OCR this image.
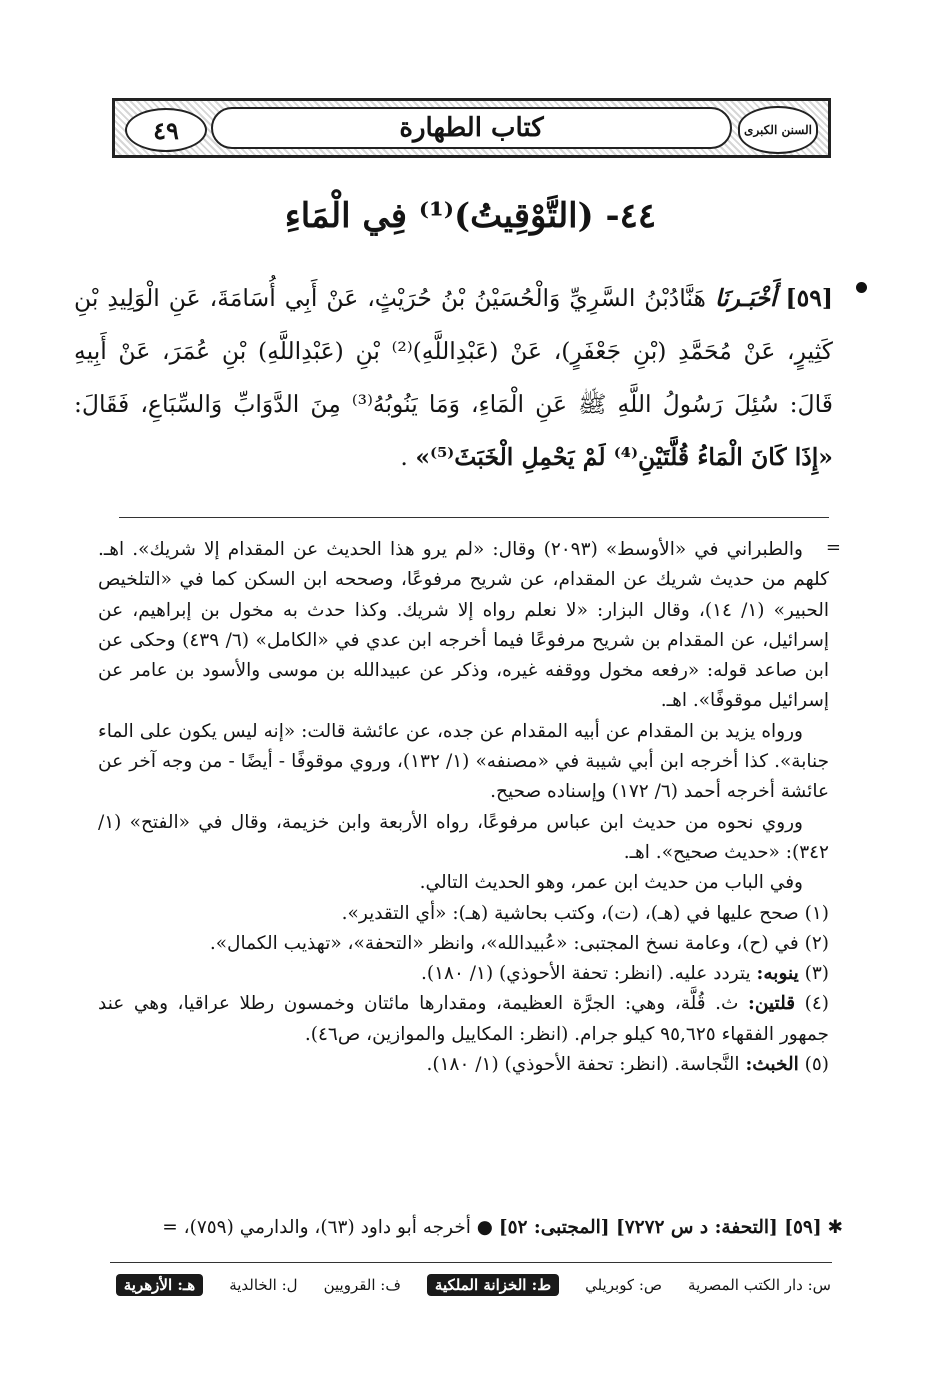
السنن الكبرى
كتاب الطهارة
٤٩
٤٤- (التَّوْقِيتُ)⁽¹⁾ فِي الْمَاءِ
[٥٩] أَخْبَـرنَا هَنَّادُبْنُ السَّرِيِّ وَالْحُسَيْنُ بْنُ حُرَيْثٍ، عَنْ أَبِي أُسَامَةَ، عَنِ الْوَلِيدِ بْنِ كَثِيرٍ، عَنْ مُحَمَّدِ (بْنِ جَعْفَرٍ)، عَنْ (عَبْدِاللَّهِ)⁽²⁾ بْنِ (عَبْدِاللَّهِ) بْنِ عُمَرَ، عَنْ أَبِيهِ قَالَ: سُئِلَ رَسُولُ اللَّهِ ﷺ عَنِ الْمَاءِ، وَمَا يَنُوبُهُ⁽³⁾ مِنَ الدَّوَابِّ وَالسِّبَاعِ، فَقَالَ: «إِذَا كَانَ الْمَاءُ قُلَّتَيْنِ⁽⁴⁾ لَمْ يَحْمِلِ الْخَبَثَ⁽⁵⁾» .
=

والطبراني في «الأوسط» (٢٠٩٣) وقال: «لم يرو هذا الحديث عن المقدام إلا شريك». اهـ. كلهم من حديث شريك عن المقدام، عن شريح مرفوعًا، وصححه ابن السكن كما في «التلخيص الحبير» (١/ ١٤)، وقال البزار: «لا نعلم رواه إلا شريك. وكذا حدث به مخول بن إبراهيم، عن إسرائيل، عن المقدام بن شريح مرفوعًا فيما أخرجه ابن عدي في «الكامل» (٦/ ٤٣٩) وحكى عن ابن صاعد قوله: «رفعه مخول ووقفه غيره، وذكر عن عبيدالله بن موسى والأسود بن عامر عن إسرائيل موقوفًا». اهـ.

ورواه يزيد بن المقدام عن أبيه المقدام عن جده، عن عائشة قالت: «إنه ليس يكون على الماء جنابة». كذا أخرجه ابن أبي شيبة في «مصنفه» (١/ ١٣٢)، وروي موقوفًا - أيضًا - من وجه آخر عن عائشة أخرجه أحمد (٦/ ١٧٢) وإسناده صحيح.

وروي نحوه من حديث ابن عباس مرفوعًا، رواه الأربعة وابن خزيمة، وقال في «الفتح» (١/ ٣٤٢): «حديث صحيح». اهـ.

وفي الباب من حديث ابن عمر، وهو الحديث التالي.

(١) صحح عليها في (هـ)، (ت)، وكتب بحاشية (هـ): «أي التقدير».

(٢) في (ح)، وعامة نسخ المجتبى: «عُبيدالله»، وانظر «التحفة»، «تهذيب الكمال».

(٣) ينوبه: يتردد عليه. (انظر: تحفة الأحوذي) (١/ ١٨٠).

(٤) قلتين: ث. قُلَّة، وهي: الجرَّة العظيمة، ومقدارها مائتان وخمسون رطلا عراقيا، وهي عند جمهور الفقهاء ٩٥,٦٢٥ كيلو جرام. (انظر: المكاييل والموازين، ص٤٦).

(٥) الخبث: النَّجاسة. (انظر: تحفة الأحوذي) (١/ ١٨٠).

✱ [٥٩] [التحفة: د س ٧٢٧٢] [المجتبى: ٥٢] ● أخرجه أبو داود (٦٣)، والدارمي (٧٥٩)، =
س: دار الكتب المصرية
ص: كوبريلي
ط: الخزانة الملكية
ف: القرويين
ل: الخالدية
هـ: الأزهرية
